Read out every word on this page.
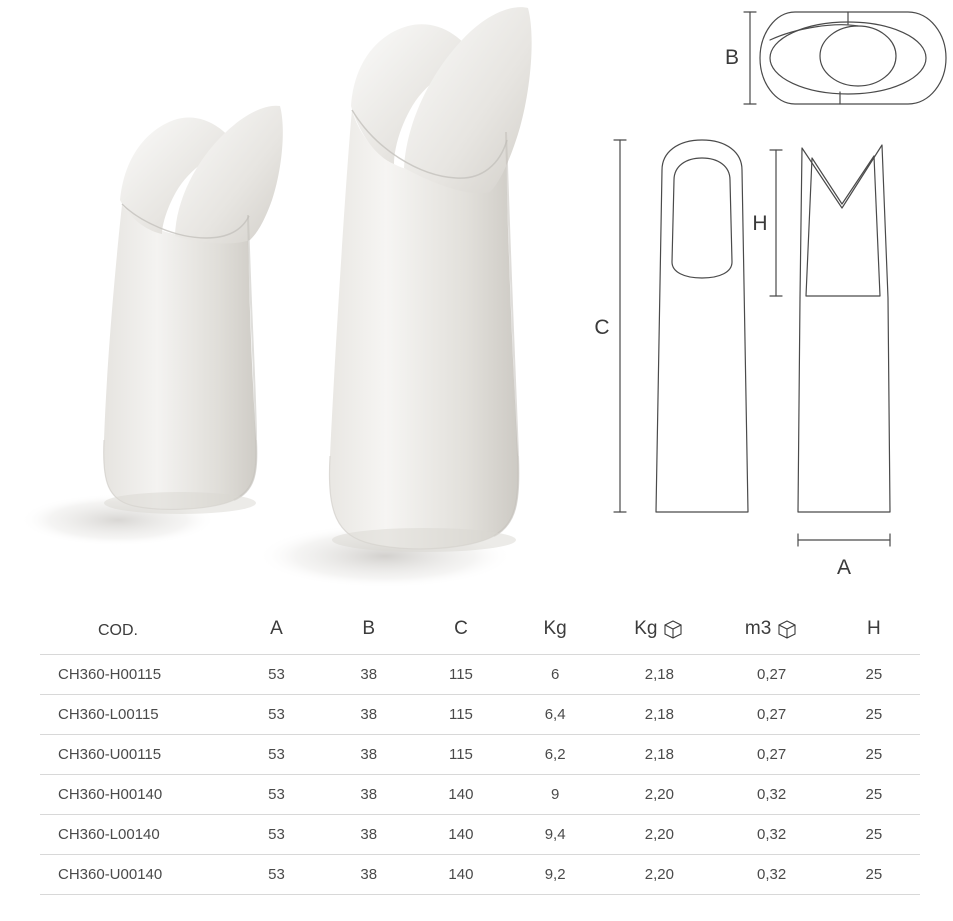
B
C
H
A
COD.	A	B	C	Kg	Kg	m3	H
CH360-H00115	53	38	115	6	2,18	0,27	25
CH360-L00115	53	38	115	6,4	2,18	0,27	25
CH360-U00115	53	38	115	6,2	2,18	0,27	25
CH360-H00140	53	38	140	9	2,20	0,32	25
CH360-L00140	53	38	140	9,4	2,20	0,32	25
CH360-U00140	53	38	140	9,2	2,20	0,32	25
